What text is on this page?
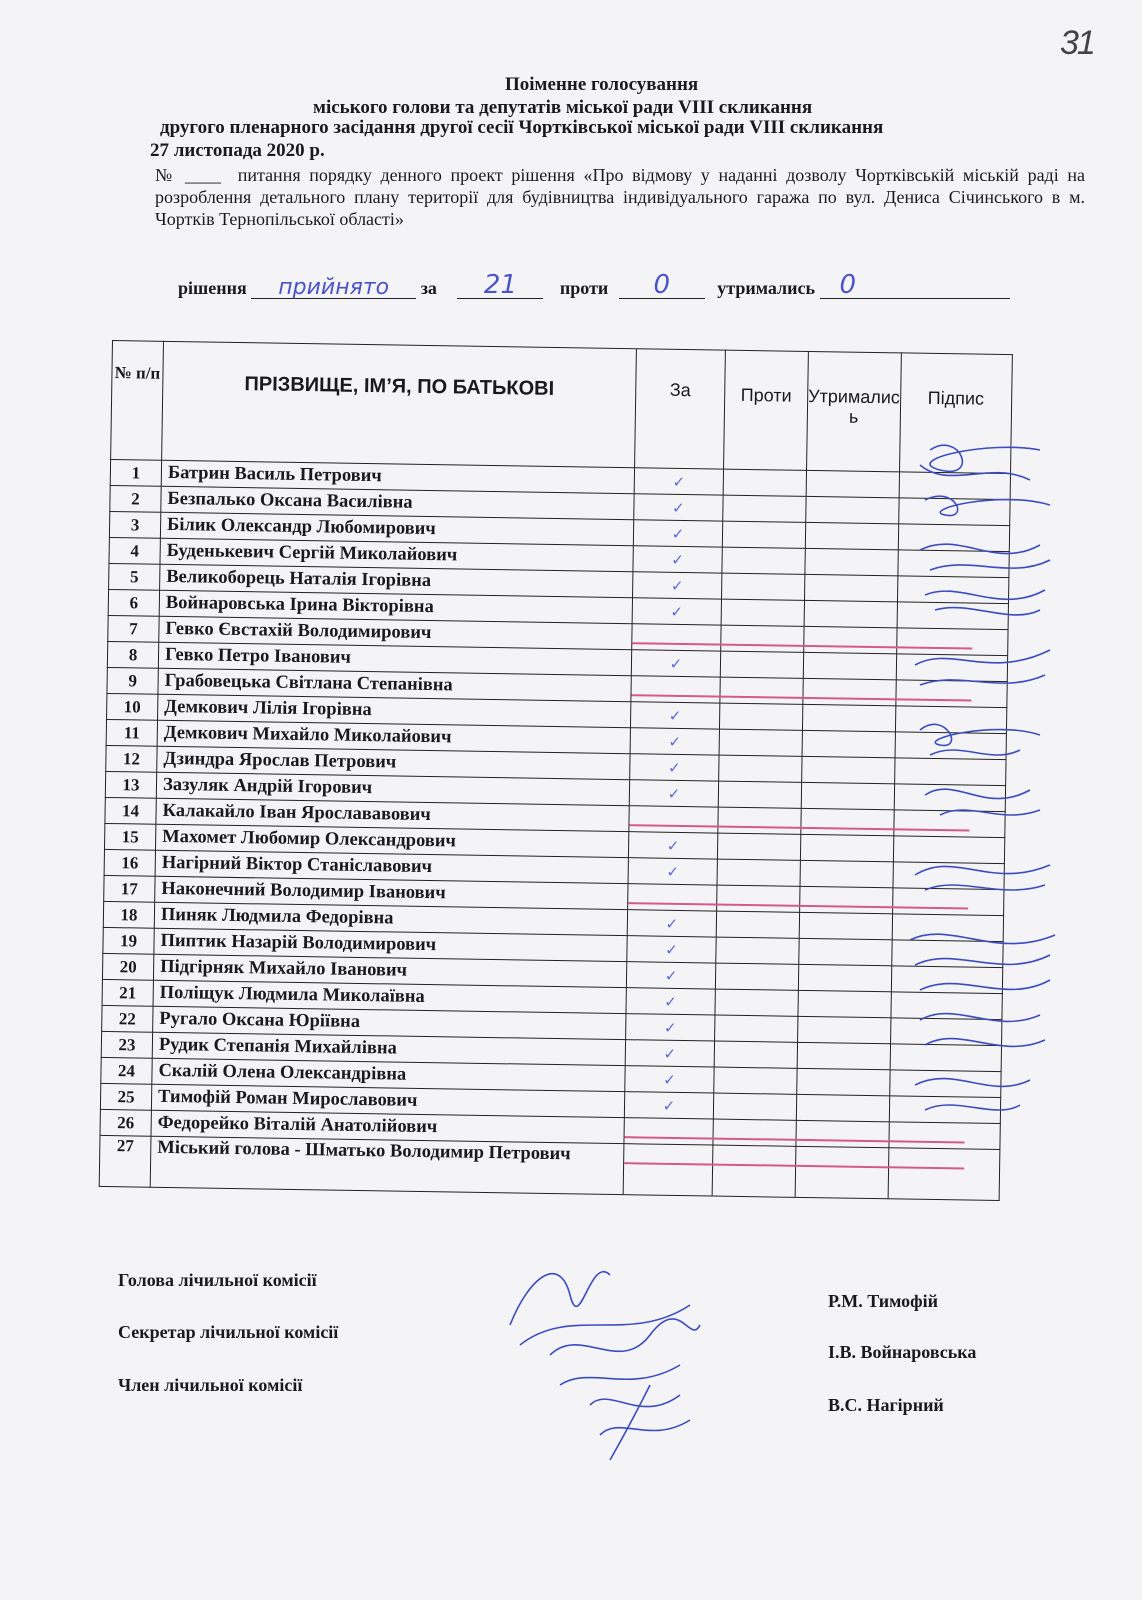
31
Поіменне голосування
міського голови та депутатів міської ради VIII скликання
другого пленарного засідання другої сесії Чортківської міської ради VIII скликання
27 листопада 2020 р.
№ ____ питання порядку денного проект рішення «Про відмову у наданні дозволу Чортківській міській раді на розроблення детального плану території для будівництва індивідуального гаража по вул. Дениса Січинського в м. Чортків Тернопільської області»
рішення	прийнято	за	21	проти	0	утримались 0
№ п/п	ПРІЗВИЩЕ, ІМ’Я, ПО БАТЬКОВІ	За	Проти	Утрималис ь	Підпис
1	Батрин Василь Петрович	✓			
2	Безпалько Оксана Василівна	✓			
3	Білик Олександр Любомирович	✓			
4	Буденькевич Сергій Миколайович	✓			
5	Великоборець Наталія Ігорівна	✓			
6	Войнаровська Ірина Вікторівна	✓			
7	Гевко Євстахій Володимирович	

8	Гевко Петро Іванович	✓			
9	Грабовецька Світлана Степанівна	

10	Демкович Лілія Ігорівна	✓			
11	Демкович Михайло Миколайович	✓			
12	Дзиндра Ярослав Петрович	✓			
13	Зазуляк Андрій Ігорович	✓			
14	Калакайло Іван Ярослававович	

15	Махомет Любомир Олександрович	✓			
16	Нагірний Віктор Станіславович	✓			
17	Наконечний Володимир Іванович	

18	Пиняк Людмила Федорівна	✓			
19	Пиптик Назарій Володимирович	✓			
20	Підгірняк Михайло Іванович	✓			
21	Поліщук Людмила Миколаївна	✓			
22	Ругало Оксана Юріївна	✓			
23	Рудик Степанія Михайлівна	✓			
24	Скалій Олена Олександрівна	✓			
25	Тимофій Роман Мирославович	✓			
26	Федорейко Віталій Анатолійович	

27	Міський голова - Шматько Володимир Петрович	

Голова лічильної комісії
Секретар лічильної комісії
Член лічильної комісії
Р.М. Тимофій
І.В. Войнаровська
В.С. Нагірний
